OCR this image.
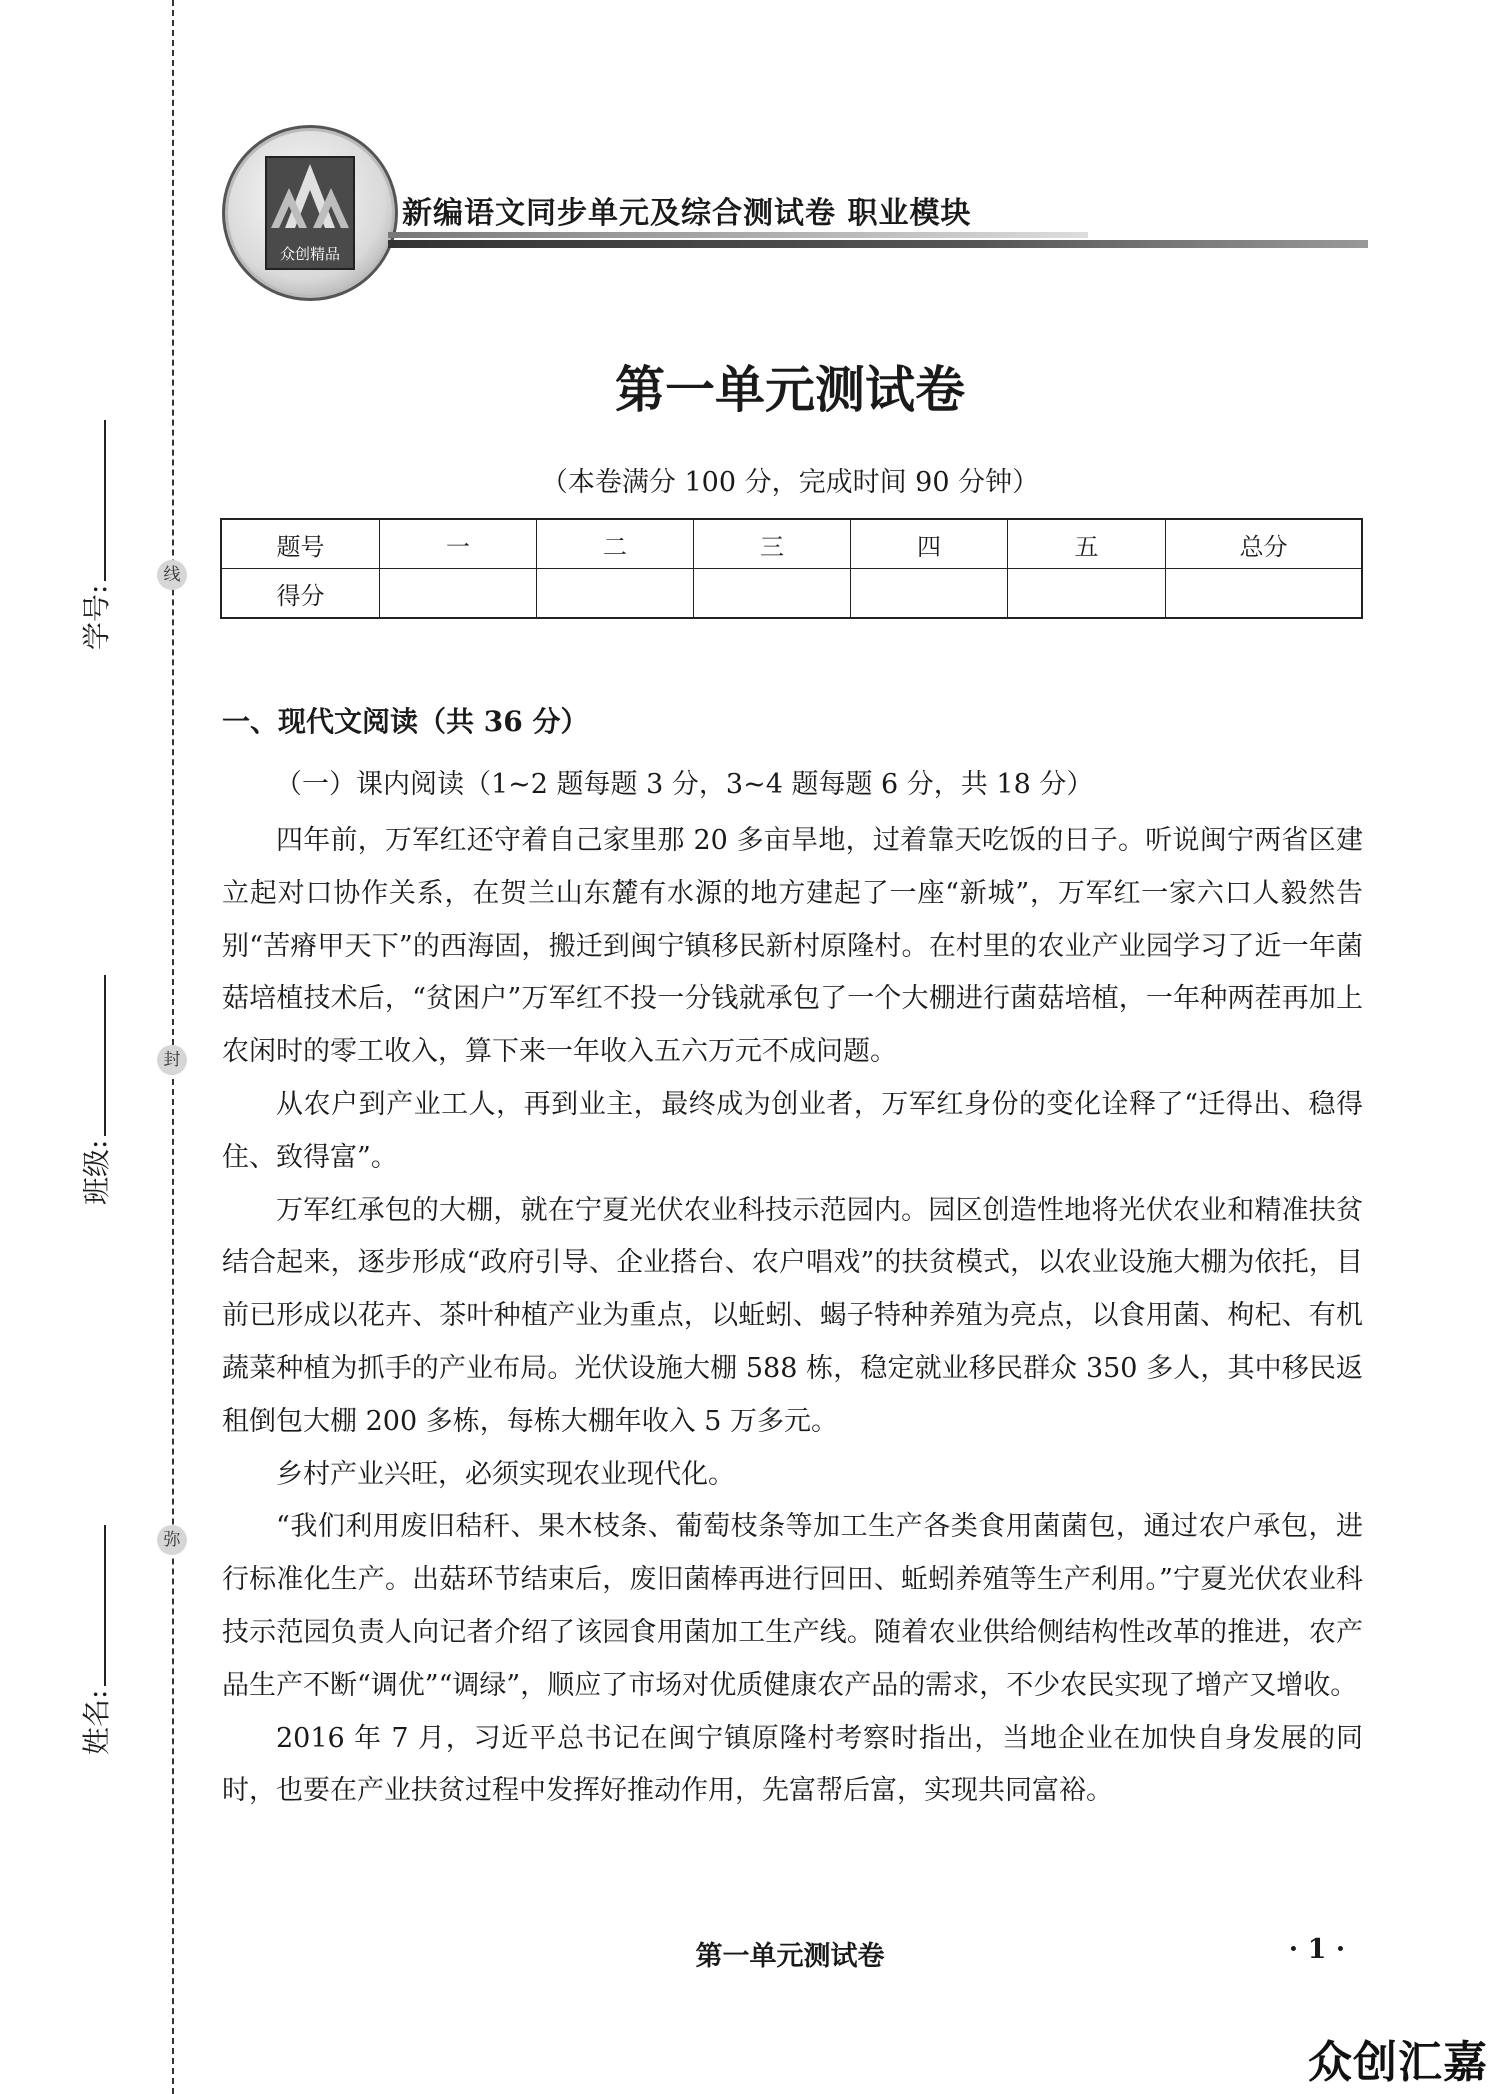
线
封
弥
学号:
班级:
姓名:
众创精品
新编语文同步单元及综合测试卷 职业模块
第一单元测试卷
（本卷满分 100 分，完成时间 90 分钟）
题号	一	二	三	四	五	总分
得分						
一、现代文阅读（共 36 分）
（一）课内阅读（1~2 题每题 3 分，3~4 题每题 6 分，共 18 分）

四年前，万军红还守着自己家里那 20 多亩旱地，过着靠天吃饭的日子。听说闽宁两省区建立起对口协作关系，在贺兰山东麓有水源的地方建起了一座“新城”，万军红一家六口人毅然告别“苦瘠甲天下”的西海固，搬迁到闽宁镇移民新村原隆村。在村里的农业产业园学习了近一年菌菇培植技术后，“贫困户”万军红不投一分钱就承包了一个大棚进行菌菇培植，一年种两茬再加上农闲时的零工收入，算下来一年收入五六万元不成问题。

从农户到产业工人，再到业主，最终成为创业者，万军红身份的变化诠释了“迁得出、稳得住、致得富”。

万军红承包的大棚，就在宁夏光伏农业科技示范园内。园区创造性地将光伏农业和精准扶贫结合起来，逐步形成“政府引导、企业搭台、农户唱戏”的扶贫模式，以农业设施大棚为依托，目前已形成以花卉、茶叶种植产业为重点，以蚯蚓、蝎子特种养殖为亮点，以食用菌、枸杞、有机蔬菜种植为抓手的产业布局。光伏设施大棚 588 栋，稳定就业移民群众 350 多人，其中移民返租倒包大棚 200 多栋，每栋大棚年收入 5 万多元。

乡村产业兴旺，必须实现农业现代化。

“我们利用废旧秸秆、果木枝条、葡萄枝条等加工生产各类食用菌菌包，通过农户承包，进行标准化生产。出菇环节结束后，废旧菌棒再进行回田、蚯蚓养殖等生产利用。”宁夏光伏农业科技示范园负责人向记者介绍了该园食用菌加工生产线。随着农业供给侧结构性改革的推进，农产品生产不断“调优”“调绿”，顺应了市场对优质健康农产品的需求，不少农民实现了增产又增收。

2016 年 7 月，习近平总书记在闽宁镇原隆村考察时指出，当地企业在加快自身发展的同时，也要在产业扶贫过程中发挥好推动作用，先富帮后富，实现共同富裕。

第一单元测试卷	· 1 ·
众创汇嘉
